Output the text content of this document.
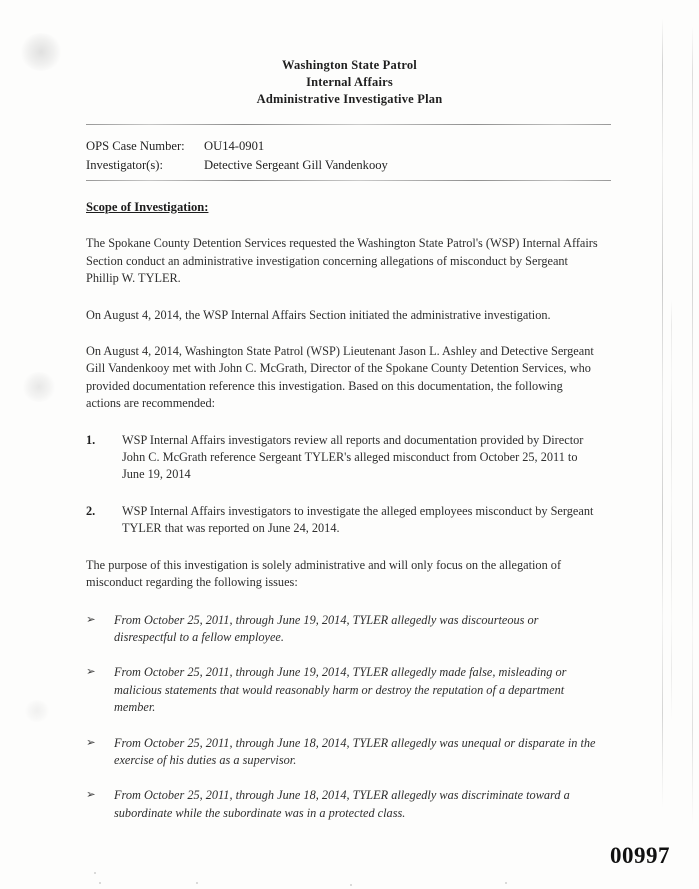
Washington State Patrol
Internal Affairs
Administrative Investigative Plan
OPS Case Number:	OU14-0901
Investigator(s):	Detective Sergeant Gill Vandenkooy

Scope of Investigation:

The Spokane County Detention Services requested the Washington State Patrol's (WSP) Internal Affairs Section conduct an administrative investigation concerning allegations of misconduct by Sergeant Phillip W. TYLER.

On August 4, 2014, the WSP Internal Affairs Section initiated the administrative investigation.

On August 4, 2014, Washington State Patrol (WSP) Lieutenant Jason L. Ashley and Detective Sergeant Gill Vandenkooy met with John C. McGrath, Director of the Spokane County Detention Services, who provided documentation reference this investigation. Based on this documentation, the following actions are recommended:

1.	WSP Internal Affairs investigators review all reports and documentation provided by Director John C. McGrath reference Sergeant TYLER's alleged misconduct from October 25, 2011 to June 19, 2014
2.	WSP Internal Affairs investigators to investigate the alleged employees misconduct by Sergeant TYLER that was reported on June 24, 2014.

The purpose of this investigation is solely administrative and will only focus on the allegation of misconduct regarding the following issues:

➢	From October 25, 2011, through June 19, 2014, TYLER allegedly was discourteous or disrespectful to a fellow employee.
➢	From October 25, 2011, through June 19, 2014, TYLER allegedly made false, misleading or malicious statements that would reasonably harm or destroy the reputation of a department member.
➢	From October 25, 2011, through June 18, 2014, TYLER allegedly was unequal or disparate in the exercise of his duties as a supervisor.
➢	From October 25, 2011, through June 18, 2014, TYLER allegedly was discriminate toward a subordinate while the subordinate was in a protected class.
00997
